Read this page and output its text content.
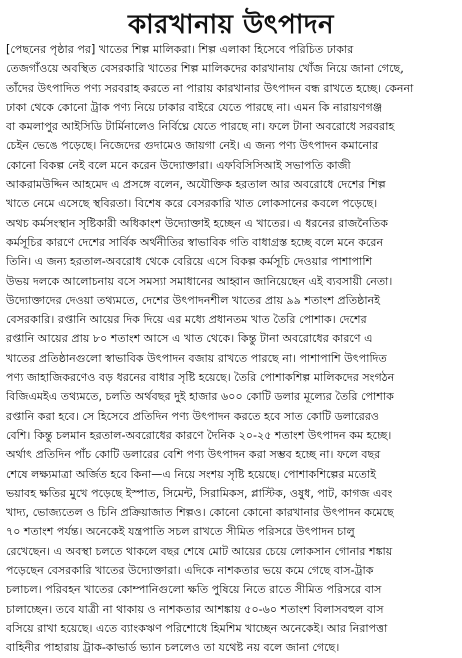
কারখানায় উৎপাদন
[পেছনের পৃষ্ঠার পর] খাতের শিল্প মালিকরা। শিল্প এলাকা হিসেবে পরিচিত ঢাকার
তেজগাঁওয়ে অবস্থিত বেসরকারি খাতের শিল্প মালিকদের কারখানায় খোঁজ নিয়ে জানা গেছে,
তাঁদের উৎপাদিত পণ্য সরবরাহ করতে না পারায় কারখানার উৎপাদন বন্ধ রাখতে হচ্ছে। কেননা
ঢাকা থেকে কোনো ট্রাক পণ্য নিয়ে ঢাকার বাইরে যেতে পারছে না। এমন কি নারায়ণগঞ্জ
বা কমলাপুর আইসিডি টার্মিনালেও নির্বিঘ্নে যেতে পারছে না। ফলে টানা অবরোধে সরবরাহ
চেইন ভেঙে পড়েছে। নিজেদের গুদামেও জায়গা নেই। এ জন্য পণ্য উৎপাদন কমানোর
কোনো বিকল্প নেই বলে মনে করেন উদ্যোক্তারা। এফবিসিসিআই সভাপতি কাজী
আকরামউদ্দিন আহমেদ এ প্রসঙ্গে বলেন, অযৌক্তিক হরতাল আর অবরোধে দেশের শিল্প
খাতে নেমে এসেছে স্থবিরতা। বিশেষ করে বেসরকারি খাত লোকসানের কবলে পড়েছে।
অথচ কর্মসংস্থান সৃষ্টিকারী অধিকাংশ উদ্যোক্তাই হচ্ছেন এ খাতের। এ ধরনের রাজনৈতিক
কর্মসূচির কারণে দেশের সার্বিক অর্থনীতির স্বাভাবিক গতি বাধাগ্রস্ত হচ্ছে বলে মনে করেন
তিনি। এ জন্য হরতাল-অবরোধ থেকে বেরিয়ে এসে বিকল্প কর্মসূচি দেওয়ার পাশাপাশি
উভয় দলকে আলোচনায় বসে সমস্যা সমাধানের আহ্বান জানিয়েছেন এই ব্যবসায়ী নেতা।
উদ্যোক্তাদের দেওয়া তথ্যমতে, দেশের উৎপাদনশীল খাতের প্রায় ৯৯ শতাংশ প্রতিষ্ঠানই
বেসরকারি। রপ্তানি আয়ের দিক দিয়ে এর মধ্যে প্রধানতম খাত তৈরি পোশাক। দেশের
রপ্তানি আয়ের প্রায় ৮০ শতাংশ আসে এ খাত থেকে। কিন্তু টানা অবরোধের কারণে এ
খাতের প্রতিষ্ঠানগুলো স্বাভাবিক উৎপাদন বজায় রাখতে পারছে না। পাশাপাশি উৎপাদিত
পণ্য জাহাজিকরণেও বড় ধরনের বাধার সৃষ্টি হয়েছে। তৈরি পোশাকশিল্প মালিকদের সংগঠন
বিজিএমইএ তথ্যমতে, চলতি অর্থবছর দুই হাজার ৬০০ কোটি ডলার মূল্যের তৈরি পোশাক
রপ্তানি করা হবে। সে হিসেবে প্রতিদিন পণ্য উৎপাদন করতে হবে সাত কোটি ডলারেরও
বেশি। কিন্তু চলমান হরতাল-অবরোধের কারণে দৈনিক ২০-২৫ শতাংশ উৎপাদন কম হচ্ছে।
অর্থাৎ প্রতিদিন পাঁচ কোটি ডলারের বেশি পণ্য উৎপাদন করা সম্ভব হচ্ছে না। ফলে বছর
শেষে লক্ষ্যমাত্রা অর্জিত হবে কিনা—এ নিয়ে সংশয় সৃষ্টি হয়েছে। পোশাকশিল্পের মতোই
ভয়াবহ ক্ষতির মুখে পড়েছে ইস্পাত, সিমেন্ট, সিরামিকস, প্লাস্টিক, ওষুধ, পাট, কাগজ এবং
খাদ্য, ভোজ্যতেল ও চিনি প্রক্রিয়াজাত শিল্পও। কোনো কোনো কারখানার উৎপাদন কমেছে
৭০ শতাংশ পর্যন্ত। অনেকেই যন্ত্রপাতি সচল রাখতে সীমিত পরিসরে উৎপাদন চালু
রেখেছেন। এ অবস্থা চলতে থাকলে বছর শেষে মোট আয়ের চেয়ে লোকসান গোনার শঙ্কায়
পড়েছেন বেসরকারি খাতের উদ্যোক্তারা। এদিকে নাশকতার ভয়ে কমে গেছে বাস-ট্রাক
চলাচল। পরিবহন খাতের কোম্পানিগুলো ক্ষতি পুষিয়ে নিতে রাতে সীমিত পরিসরে বাস
চালাচ্ছেন। তবে যাত্রী না থাকায় ও নাশকতার আশঙ্কায় ৫০-৬০ শতাংশ বিলাসবহুল বাস
বসিয়ে রাখা হয়েছে। এতে ব্যাংকঋণ পরিশোধে হিমশিম খাচ্ছেন অনেকেই। আর নিরাপত্তা
বাহিনীর পাহারায় ট্রাক-কাভার্ড ভ্যান চললেও তা যথেষ্ট নয় বলে জানা গেছে।
